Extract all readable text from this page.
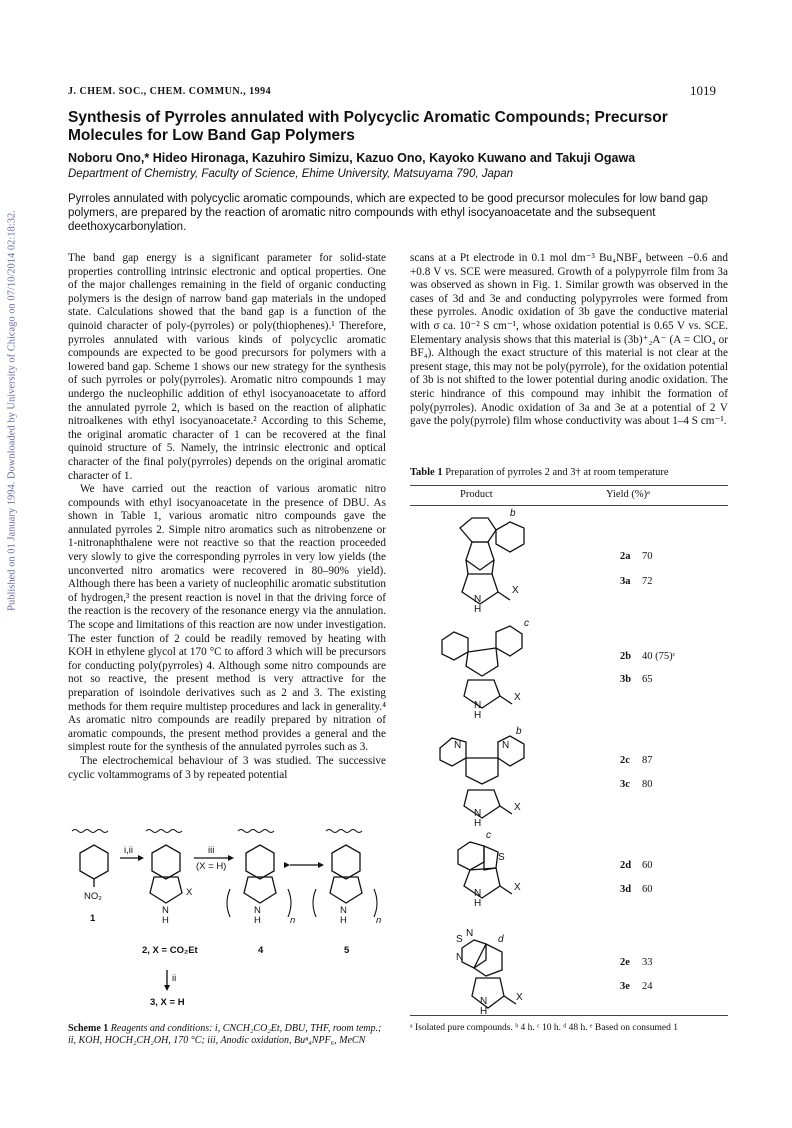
Published on 01 January 1994. Downloaded by University of Chicago on 07/10/2014 02:18:32.
J. CHEM. SOC., CHEM. COMMUN., 1994	1019
Synthesis of Pyrroles annulated with Polycyclic Aromatic Compounds; Precursor Molecules for Low Band Gap Polymers
Noboru Ono,* Hideo Hironaga, Kazuhiro Simizu, Kazuo Ono, Kayoko Kuwano and Takuji Ogawa
Department of Chemistry, Faculty of Science, Ehime University, Matsuyama 790, Japan
Pyrroles annulated with polycyclic aromatic compounds, which are expected to be good precursor molecules for low band gap polymers, are prepared by the reaction of aromatic nitro compounds with ethyl isocyanoacetate and the subsequent deethoxycarbonylation.

The band gap energy is a significant parameter for solid-state properties controlling intrinsic electronic and optical properties. One of the major challenges remaining in the field of organic conducting polymers is the design of narrow band gap materials in the undoped state. Calculations showed that the band gap is a function of the quinoid character of poly-(pyrroles) or poly(thiophenes).¹ Therefore, pyrroles annulated with various kinds of polycyclic aromatic compounds are expected to be good precursors for polymers with a lowered band gap. Scheme 1 shows our new strategy for the synthesis of such pyrroles or poly(pyrroles). Aromatic nitro compounds 1 may undergo the nucleophilic addition of ethyl isocyanoacetate to afford the annulated pyrrole 2, which is based on the reaction of aliphatic nitroalkenes with ethyl isocyanoacetate.² According to this Scheme, the original aromatic character of 1 can be recovered at the final quinoid structure of 5. Namely, the intrinsic electronic and optical character of the final poly(pyrroles) depends on the original aromatic character of 1.

We have carried out the reaction of various aromatic nitro compounds with ethyl isocyanoacetate in the presence of DBU. As shown in Table 1, various aromatic nitro compounds gave the annulated pyrroles 2. Simple nitro aromatics such as nitrobenzene or 1-nitronaphthalene were not reactive so that the reaction proceeded very slowly to give the corresponding pyrroles in very low yields (the unconverted nitro aromatics were recovered in 80–90% yield). Although there has been a variety of nucleophilic aromatic substitution of hydrogen,³ the present reaction is novel in that the driving force of the reaction is the recovery of the resonance energy via the annulation. The scope and limitations of this reaction are now under investigation. The ester function of 2 could be readily removed by heating with KOH in ethylene glycol at 170 °C to afford 3 which will be precursors for conducting poly(pyrroles) 4. Although some nitro compounds are not so reactive, the present method is very attractive for the preparation of isoindole derivatives such as 2 and 3. The existing methods for them require multistep procedures and lack in generality.⁴ As aromatic nitro compounds are readily prepared by nitration of aromatic compounds, the present method provides a general and the simplest route for the synthesis of the annulated pyrroles such as 3.

The electrochemical behaviour of 3 was studied. The successive cyclic voltammograms of 3 by repeated potential

scans at a Pt electrode in 0.1 mol dm⁻³ Bu₄NBF₄ between −0.6 and +0.8 V vs. SCE were measured. Growth of a polypyrrole film from 3a was observed as shown in Fig. 1. Similar growth was observed in the cases of 3d and 3e and conducting polypyrroles were formed from these pyrroles. Anodic oxidation of 3b gave the conductive material with σ ca. 10⁻² S cm⁻¹, whose oxidation potential is 0.65 V vs. SCE. Elementary analysis shows that this material is (3b)⁺₂A⁻ (A = ClO₄ or BF₄). Although the exact structure of this material is not clear at the present stage, this may not be poly(pyrrole), for the oxidation potential of 3b is not shifted to the lower potential during anodic oxidation. The steric hindrance of this compound may inhibit the formation of poly(pyrroles). Anodic oxidation of 3a and 3e at a potential of 2 V gave the poly(pyrrole) film whose conductivity was about 1–4 S cm⁻¹.

Table 1 Preparation of pyrroles 2 and 3† at room temperature
Product	Yield (%)ᵃ
2a 70
3a 72
2b 40 (75)ᶜ
3b 65
2c 87
3c 80
2d 60
3d 60
2e 33
3e 24
ᵃ Isolated pure compounds. ᵇ 4 h. ᶜ 10 h. ᵈ 48 h. ᵉ Based on consumed 1
b
X
N
H
c
X
N
H
b
N	N
X
N
H
c
S
X
N
H
S
N
N
d
X
N
H
NO₂
1
i,ii	iii
(X = H)
X
N
H
N
H
N
H
n	n
2, X = CO₂Et
ii
3, X = H
4	5
Scheme 1 Reagents and conditions: i, CNCH₂CO₂Et, DBU, THF, room temp.; ii, KOH, HOCH₂CH₂OH, 170 °C; iii, Anodic oxidation, Buⁿ₄NPF₆, MeCN
